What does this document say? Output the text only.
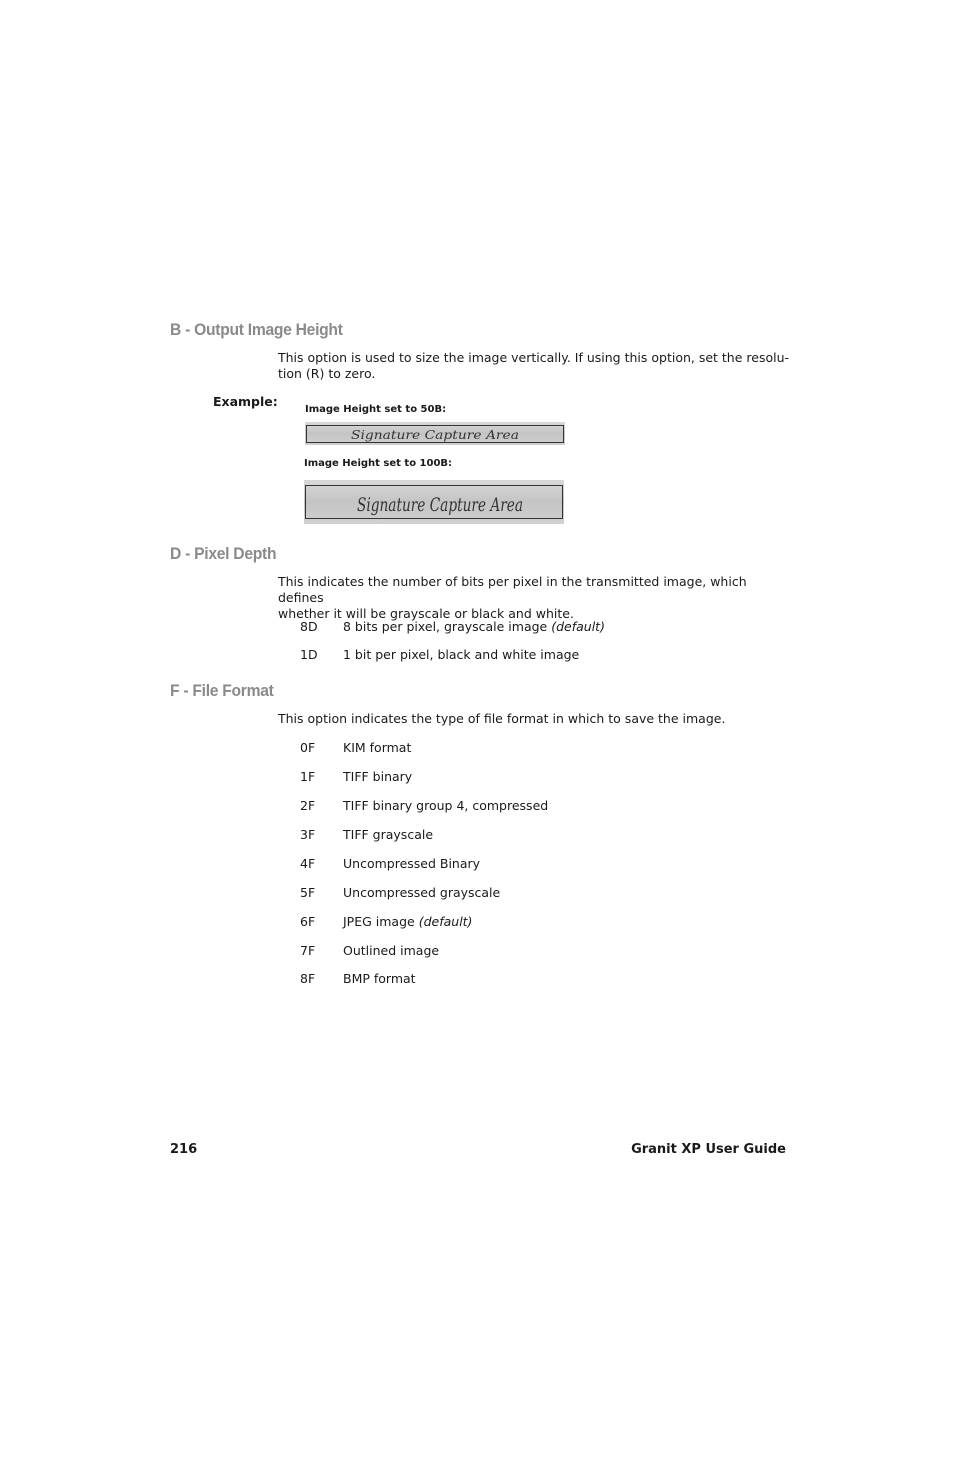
B - Output Image Height
This option is used to size the image vertically. If using this option, set the resolu-
tion (R) to zero.
Example:
Image Height set to 50B:
Signature Capture Area
Image Height set to 100B:
Signature Capture Area
D - Pixel Depth
This indicates the number of bits per pixel in the transmitted image, which defines
whether it will be grayscale or black and white.
8D 8 bits per pixel, grayscale image (default)
1D 1 bit per pixel, black and white image
F - File Format
This option indicates the type of file format in which to save the image.
0F KIM format
1F TIFF binary
2F TIFF binary group 4, compressed
3F TIFF grayscale
4F Uncompressed Binary
5F Uncompressed grayscale
6F JPEG image (default)
7F Outlined image
8F BMP format
216	Granit XP User Guide
